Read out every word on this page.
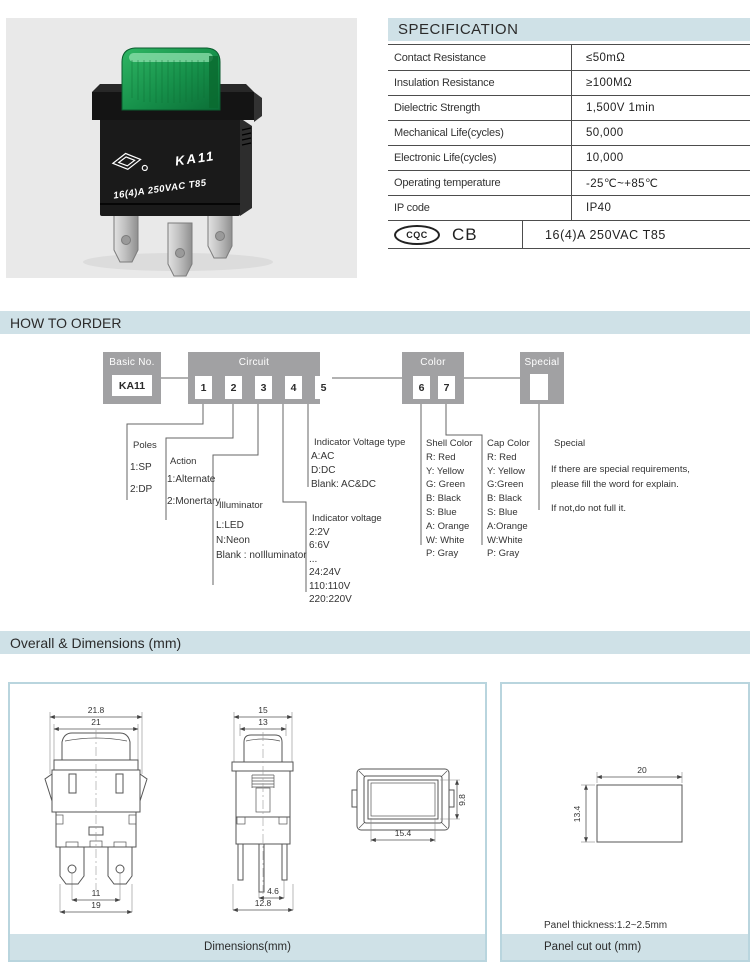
KA11
16(4)A 250VAC T85
SPECIFICATION
Contact Resistance	≤50mΩ
Insulation Resistance	≥100MΩ
Dielectric Strength	1,500V 1min
Mechanical Life(cycles)	50,000
Electronic Life(cycles)	10,000
Operating temperature	-25℃~+85℃
IP code	IP40
CQC	CB	16(4)A 250VAC T85
HOW TO ORDER
Basic No.
KA11
Circuit
1	2	3	4	5
Color
6	7
Special
Poles
1:SP
2:DP
Action
1:Alternate
2:Monertary
Illuminator
L:LED
N:Neon
Blank : noIlluminator
Indicator Voltage type
A:AC
D:DC
Blank: AC&DC
Indicator voltage
2:2V
6:6V
...
24:24V
110:110V
220:220V
Shell Color
R: Red
Y: Yellow
G: Green
B: Black
S: Blue
A: Orange
W: White
P: Gray
Cap Color
R: Red
Y: Yellow
G:Green
B: Black
S: Blue
A:Orange
W:White
P: Gray
Special
If there are special requirements,
please fill the word for explain.
If not,do not full it.
Overall & Dimensions (mm)
21.8
21
11
19
15
13
4.6
12.8
15.4
9.8
Dimensions(mm)
20
13.4
Panel thickness:1.2~2.5mm
Panel cut out (mm)
